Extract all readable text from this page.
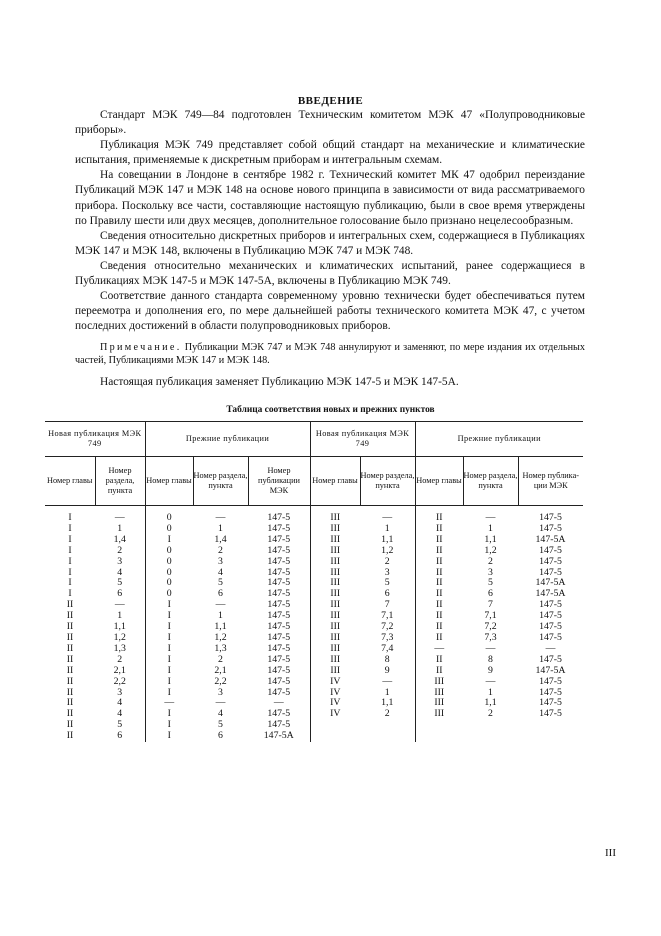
ВВЕДЕНИЕ

Стандарт МЭК 749—84 подготовлен Техническим комитетом МЭК 47 «Полупроводниковые приборы».

Публикация МЭК 749 представляет собой общий стандарт на механические и климатические испытания, применяемые к дискретным приборам и интегральным схемам.

На совещании в Лондоне в сентябре 1982 г. Технический комитет МК 47 одобрил переиздание Публикаций МЭК 147 и МЭК 148 на основе нового принципа в зависимости от вида рассматриваемого прибора. Поскольку все части, составляющие настоящую публикацию, были в свое время утверждены по Правилу шести или двух месяцев, дополнительное голосование было признано нецелесообразным.

Сведения относительно дискретных приборов и интегральных схем, содержащиеся в Публикациях МЭК 147 и МЭК 148, включены в Публикацию МЭК 747 и МЭК 748.

Сведения относительно механических и климатических испытаний, ранее содержащиеся в Публикациях МЭК 147-5 и МЭК 147-5А, включены в Публикацию МЭК 749.

Соответствие данного стандарта современному уровню технически будет обеспечиваться путем переемотра и дополнения его, по мере дальнейшей работы технического комитета МЭК 47, с учетом последних достижений в области полупроводниковых приборов.

Примечание. Публикации МЭК 747 и МЭК 748 аннулируют и заменяют, по мере издания их отдельных частей, Публикациями МЭК 147 и МЭК 148.

Настоящая публикация заменяет Публикацию МЭК 147-5 и МЭК 147-5А.
Таблица соответствия новых и прежних пунктов
Новая публикация МЭК 749		Прежние публикации			Новая публикация МЭК 749		Прежние публикации		
Номер главы	Номер раздела, пункта	Номер главы	Номер раздела, пункта	Номер публикации МЭК	Номер главы	Номер раздела, пункта	Номер главы	Номер раздела, пункта	Номер публика-ции МЭК
I	—	0	—	147-5	III	—	II	—	147-5
I	1	0	1	147-5	III	1	II	1	147-5
I	1,4	I	1,4	147-5	III	1,1	II	1,1	147-5А
I	2	0	2	147-5	III	1,2	II	1,2	147-5
I	3	0	3	147-5	III	2	II	2	147-5
I	4	0	4	147-5	III	3	II	3	147-5
I	5	0	5	147-5	III	5	II	5	147-5А
I	6	0	6	147-5	III	6	II	6	147-5А
II	—	I	—	147-5	III	7	II	7	147-5
II	1	I	1	147-5	III	7,1	II	7,1	147-5
II	1,1	I	1,1	147-5	III	7,2	II	7,2	147-5
II	1,2	I	1,2	147-5	III	7,3	II	7,3	147-5
II	1,3	I	1,3	147-5	III	7,4	—	—	—
II	2	I	2	147-5	III	8	II	8	147-5
II	2,1	I	2,1	147-5	III	9	II	9	147-5А
II	2,2	I	2,2	147-5	IV	—	III	—	147-5
II	3	I	3	147-5	IV	1	III	1	147-5
II	4	—	—	—	IV	1,1	III	1,1	147-5
II	4	I	4	147-5	IV	2	III	2	147-5
II	5	I	5	147-5					
II	6	I	6	147-5А					
III
